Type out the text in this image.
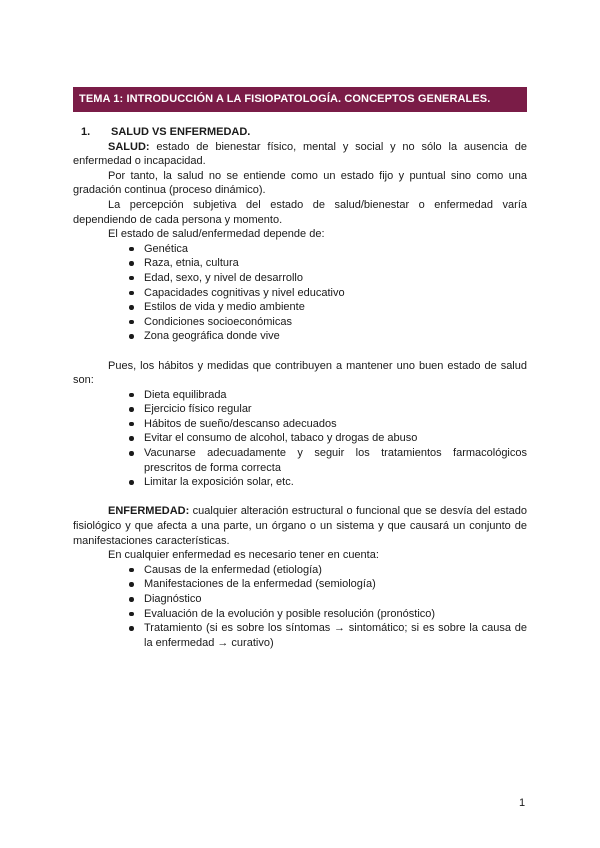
TEMA 1: INTRODUCCIÓN A LA FISIOPATOLOGÍA. CONCEPTOS GENERALES.
1.	SALUD VS ENFERMEDAD.

SALUD: estado de bienestar físico, mental y social y no sólo la ausencia de enfermedad o incapacidad.

Por tanto, la salud no se entiende como un estado fijo y puntual sino como una gradación continua (proceso dinámico).

La percepción subjetiva del estado de salud/bienestar o enfermedad varía dependiendo de cada persona y momento.

El estado de salud/enfermedad depende de:

Genética
Raza, etnia, cultura
Edad, sexo, y nivel de desarrollo
Capacidades cognitivas y nivel educativo
Estilos de vida y medio ambiente
Condiciones socioeconómicas
Zona geográfica donde vive

Pues, los hábitos y medidas que contribuyen a mantener uno buen estado de salud son:

Dieta equilibrada
Ejercicio físico regular
Hábitos de sueño/descanso adecuados
Evitar el consumo de alcohol, tabaco y drogas de abuso
Vacunarse adecuadamente y seguir los tratamientos farmacológicos prescritos de forma correcta
Limitar la exposición solar, etc.

ENFERMEDAD: cualquier alteración estructural o funcional que se desvía del estado fisiológico y que afecta a una parte, un órgano o un sistema y que causará un conjunto de manifestaciones características.

En cualquier enfermedad es necesario tener en cuenta:

Causas de la enfermedad (etiología)
Manifestaciones de la enfermedad (semiología)
Diagnóstico
Evaluación de la evolución y posible resolución (pronóstico)
Tratamiento (si es sobre los síntomas → sintomático; si es sobre la causa de la enfermedad → curativo)
1
